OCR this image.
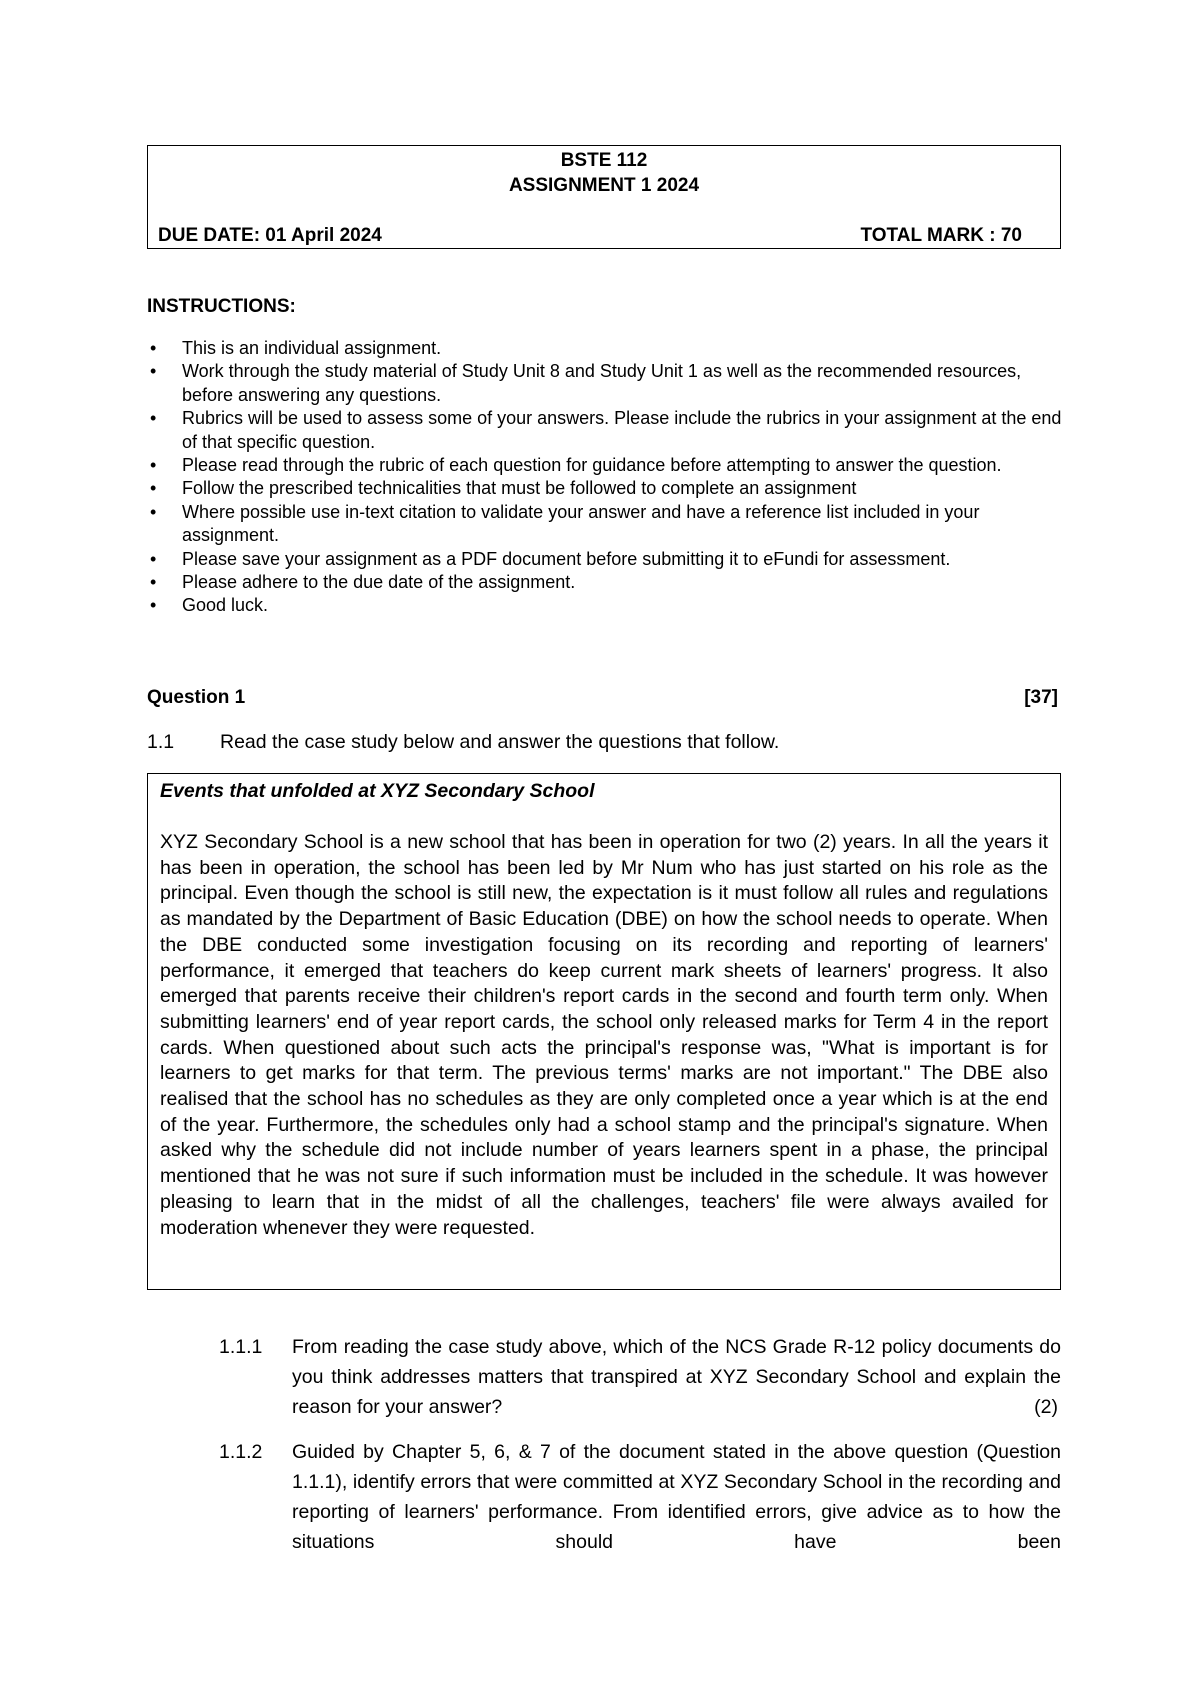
BSTE 112
ASSIGNMENT 1 2024
DUE DATE: 01 April 2024	TOTAL MARK : 70
INSTRUCTIONS:
• This is an individual assignment.
• Work through the study material of Study Unit 8 and Study Unit 1 as well as the recommended resources, before answering any questions.
• Rubrics will be used to assess some of your answers. Please include the rubrics in your assignment at the end of that specific question.
• Please read through the rubric of each question for guidance before attempting to answer the question.
• Follow the prescribed technicalities that must be followed to complete an assignment
• Where possible use in-text citation to validate your answer and have a reference list included in your assignment.
• Please save your assignment as a PDF document before submitting it to eFundi for assessment.
• Please adhere to the due date of the assignment.
• Good luck.
Question 1	[37]
1.1 Read the case study below and answer the questions that follow.

Events that unfolded at XYZ Secondary School

XYZ Secondary School is a new school that has been in operation for two (2) years. In all the years it has been in operation, the school has been led by Mr Num who has just started on his role as the principal. Even though the school is still new, the expectation is it must follow all rules and regulations as mandated by the Department of Basic Education (DBE) on how the school needs to operate. When the DBE conducted some investigation focusing on its recording and reporting of learners' performance, it emerged that teachers do keep current mark sheets of learners' progress. It also emerged that parents receive their children's report cards in the second and fourth term only. When submitting learners' end of year report cards, the school only released marks for Term 4 in the report cards. When questioned about such acts the principal's response was, "What is important is for learners to get marks for that term. The previous terms' marks are not important." The DBE also realised that the school has no schedules as they are only completed once a year which is at the end of the year. Furthermore, the schedules only had a school stamp and the principal's signature. When asked why the schedule did not include number of years learners spent in a phase, the principal mentioned that he was not sure if such information must be included in the schedule. It was however pleasing to learn that in the midst of all the challenges, teachers' file were always availed for moderation whenever they were requested.

1.1.1 From reading the case study above, which of the NCS Grade R-12 policy documents do you think addresses matters that transpired at XYZ Secondary School and explain the reason for your answer?	(2)
1.1.2 Guided by Chapter 5, 6, & 7 of the document stated in the above question (Question 1.1.1), identify errors that were committed at XYZ Secondary School in the recording and reporting of learners' performance. From identified errors, give advice as to how the situations should have been
